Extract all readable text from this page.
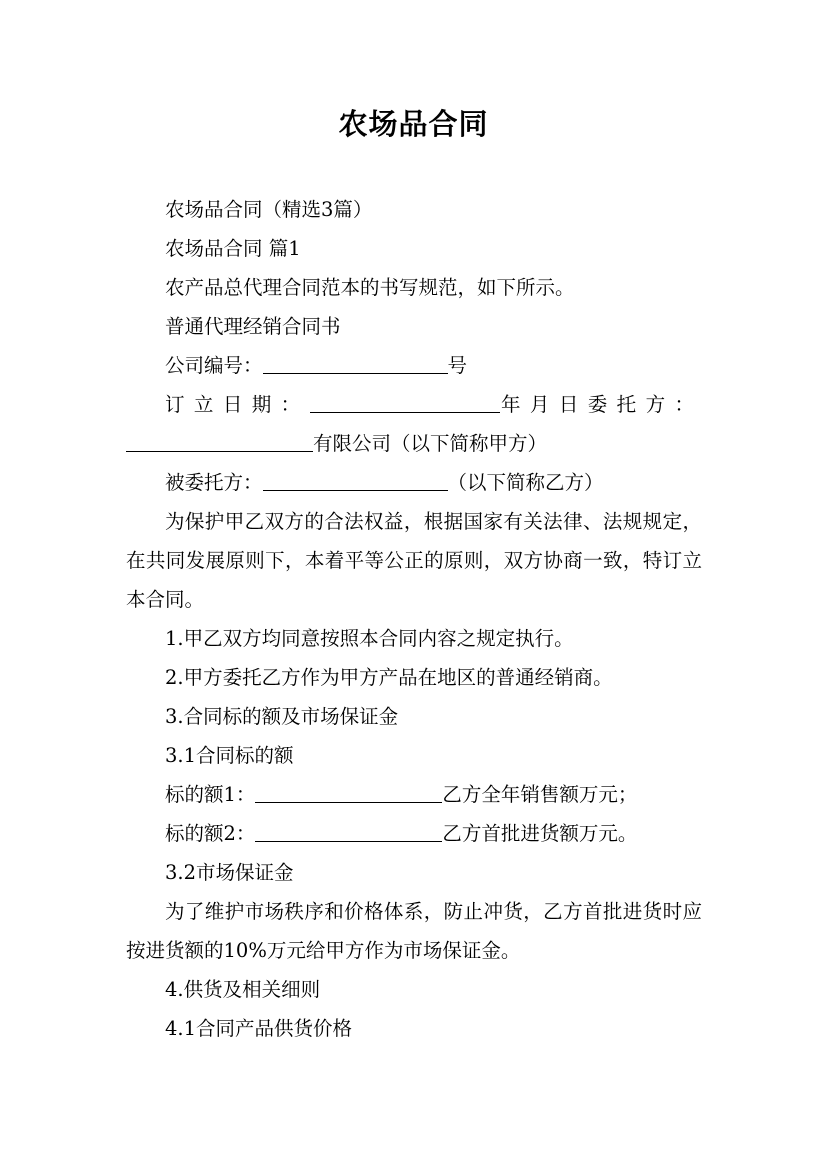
农场品合同

农场品合同（精选3篇）

农场品合同 篇1

农产品总代理合同范本的书写规范，如下所示。

普通代理经销合同书

公司编号：	号

订立日期：	年月日委托方：

有限公司（以下简称甲方）

被委托方：	（以下简称乙方）

为保护甲乙双方的合法权益，根据国家有关法律、法规规定，在共同发展原则下，本着平等公正的原则，双方协商一致，特订立本合同。

1.甲乙双方均同意按照本合同内容之规定执行。

2.甲方委托乙方作为甲方产品在地区的普通经销商。

3.合同标的额及市场保证金

3.1合同标的额

标的额1：	乙方全年销售额万元；

标的额2：	乙方首批进货额万元。

3.2市场保证金

为了维护市场秩序和价格体系，防止冲货，乙方首批进货时应按进货额的10%万元给甲方作为市场保证金。

4.供货及相关细则

4.1合同产品供货价格
